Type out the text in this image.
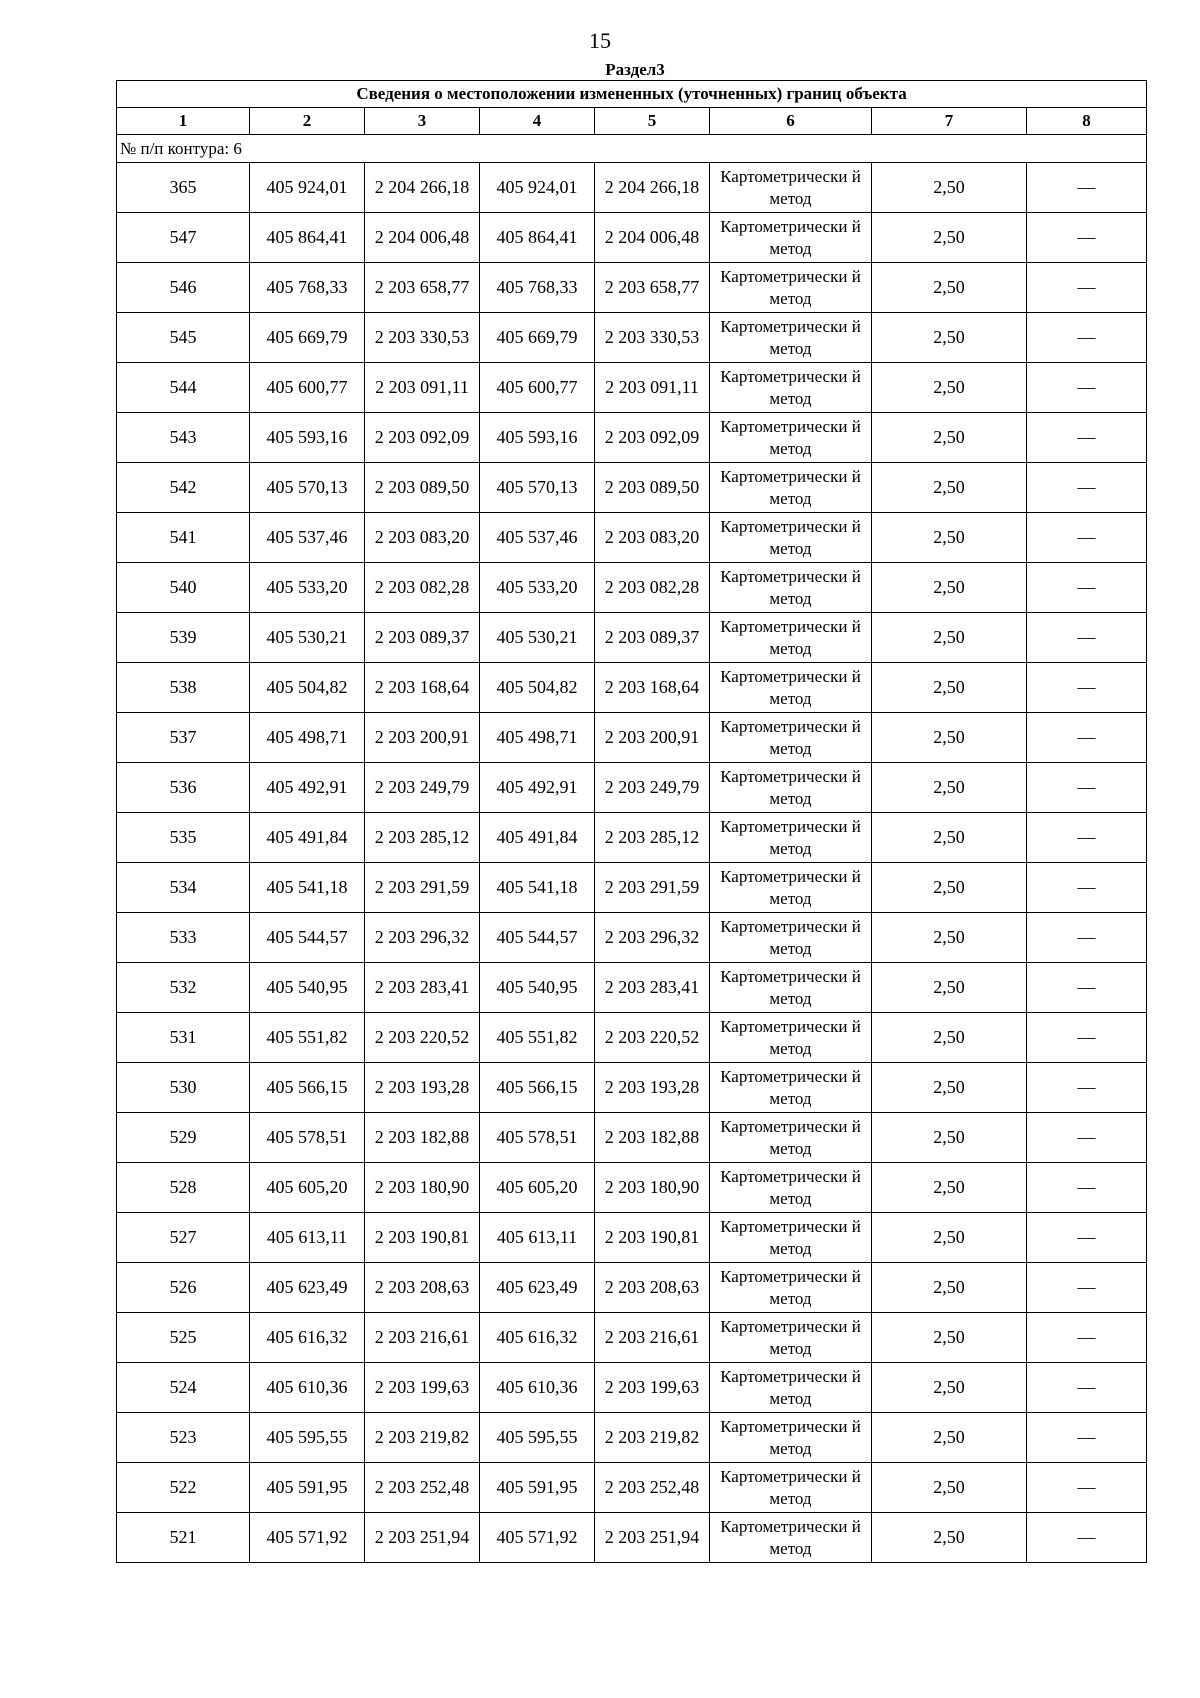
15
Раздел3
Сведения о местоположении измененных (уточненных) границ объекта							
1	2	3	4	5	6	7	8
№ п/п контура: 6							
365	405 924,01	2 204 266,18	405 924,01	2 204 266,18	Картометрически й метод	2,50	—
547	405 864,41	2 204 006,48	405 864,41	2 204 006,48	Картометрически й метод	2,50	—
546	405 768,33	2 203 658,77	405 768,33	2 203 658,77	Картометрически й метод	2,50	—
545	405 669,79	2 203 330,53	405 669,79	2 203 330,53	Картометрически й метод	2,50	—
544	405 600,77	2 203 091,11	405 600,77	2 203 091,11	Картометрически й метод	2,50	—
543	405 593,16	2 203 092,09	405 593,16	2 203 092,09	Картометрически й метод	2,50	—
542	405 570,13	2 203 089,50	405 570,13	2 203 089,50	Картометрически й метод	2,50	—
541	405 537,46	2 203 083,20	405 537,46	2 203 083,20	Картометрически й метод	2,50	—
540	405 533,20	2 203 082,28	405 533,20	2 203 082,28	Картометрически й метод	2,50	—
539	405 530,21	2 203 089,37	405 530,21	2 203 089,37	Картометрически й метод	2,50	—
538	405 504,82	2 203 168,64	405 504,82	2 203 168,64	Картометрически й метод	2,50	—
537	405 498,71	2 203 200,91	405 498,71	2 203 200,91	Картометрически й метод	2,50	—
536	405 492,91	2 203 249,79	405 492,91	2 203 249,79	Картометрически й метод	2,50	—
535	405 491,84	2 203 285,12	405 491,84	2 203 285,12	Картометрически й метод	2,50	—
534	405 541,18	2 203 291,59	405 541,18	2 203 291,59	Картометрически й метод	2,50	—
533	405 544,57	2 203 296,32	405 544,57	2 203 296,32	Картометрически й метод	2,50	—
532	405 540,95	2 203 283,41	405 540,95	2 203 283,41	Картометрически й метод	2,50	—
531	405 551,82	2 203 220,52	405 551,82	2 203 220,52	Картометрически й метод	2,50	—
530	405 566,15	2 203 193,28	405 566,15	2 203 193,28	Картометрически й метод	2,50	—
529	405 578,51	2 203 182,88	405 578,51	2 203 182,88	Картометрически й метод	2,50	—
528	405 605,20	2 203 180,90	405 605,20	2 203 180,90	Картометрически й метод	2,50	—
527	405 613,11	2 203 190,81	405 613,11	2 203 190,81	Картометрически й метод	2,50	—
526	405 623,49	2 203 208,63	405 623,49	2 203 208,63	Картометрически й метод	2,50	—
525	405 616,32	2 203 216,61	405 616,32	2 203 216,61	Картометрически й метод	2,50	—
524	405 610,36	2 203 199,63	405 610,36	2 203 199,63	Картометрически й метод	2,50	—
523	405 595,55	2 203 219,82	405 595,55	2 203 219,82	Картометрически й метод	2,50	—
522	405 591,95	2 203 252,48	405 591,95	2 203 252,48	Картометрически й метод	2,50	—
521	405 571,92	2 203 251,94	405 571,92	2 203 251,94	Картометрически й метод	2,50	—
